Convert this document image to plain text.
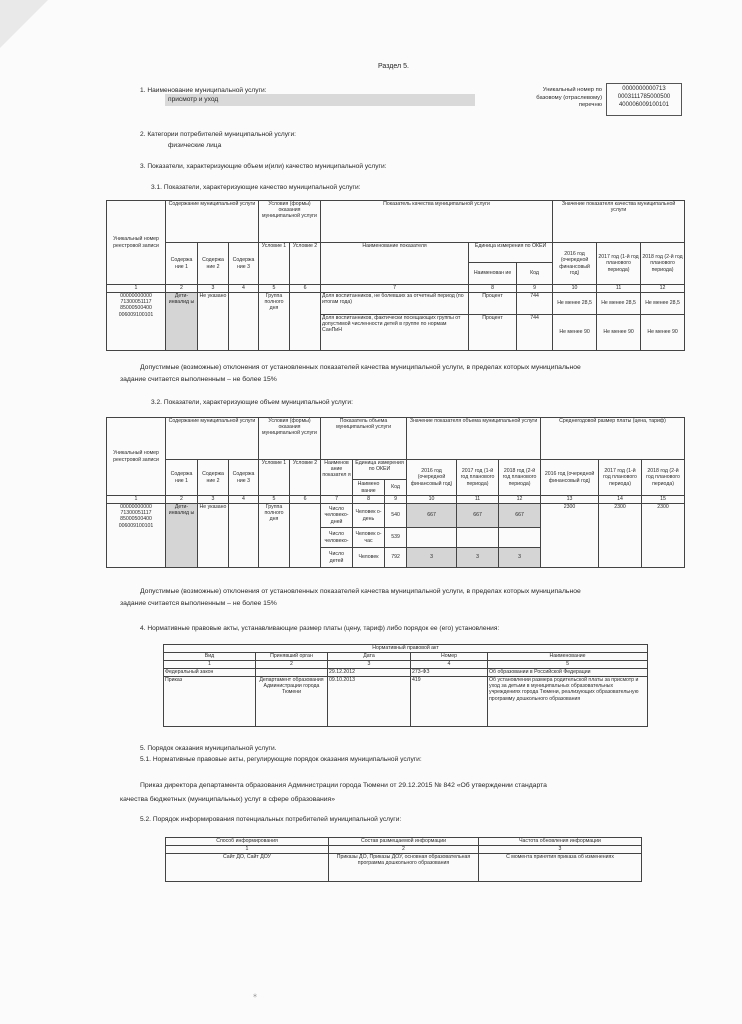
Раздел 5.
1. Наименование муниципальной услуги:
присмотр и уход
Уникальный номер по
базовому (отраслевому)
перечню
0000000000713
0003111785000500
400006009100101
2. Категории потребителей муниципальной услуги:
физические лица
3. Показатели, характеризующие объем и(или) качество муниципальной услуги:
3.1. Показатели, характеризующие качество муниципальной услуги:
Уникальный номер реестровой записи	Содержание муниципальной услуги			Условия (формы) оказания муниципальной услуги		Показатель качества муниципальной услуги			Значение показателя качества муниципальной услуги		
	Содержа ние 1	Содержа ние 2	Содержа ние 3	Условие 1	Условие 2	Наименование показателя	Единица измерения по ОКЕИ		2016 год (очередной финансовый год)	2017 год (1-й год планового периода)	2018 год (2-й год планового периода)
							Наименован ие	Код			
1	2	3	4	5	6	7	8	9	10	11	12
00000000000 71300051117 85000500400 006009100101	Дети-инвалид ы	Не указано		Группа полного дня		Доля воспитанников, не болевших за отчетный период (по итогам года)	Процент	744	Не менее 28,5	Не менее 28,5	Не менее 28,5
						Доля воспитанников, фактически посещающих группы от допустимой численности детей в группе по нормам СанПиН	Процент	744	Не менее 90	Не менее 90	Не менее 90
Допустимые (возможные) отклонения от установленных показателей качества муниципальной услуги, в пределах которых муниципальное
задание считается выполненным – не более 15%
3.2. Показатели, характеризующие объем муниципальной услуги:
Уникальный номер реестровой записи	Содержание муниципальной услуги			Условия (формы) оказания муниципальной услуги		Показатель объема муниципальной услуги			Значение показателя объема муниципальной услуги			Среднегодовой размер платы (цена, тариф)		
	Содержа ние 1	Содержа ние 2	Содержа ние 3	Условие 1	Условие 2	Наименов ание показател я	Единица измерения по ОКЕИ		2016 год (очередной финансовый год)	2017 год (1-й год планового периода)	2018 год (2-й год планового периода)	2016 год (очередной финансовый год)	2017 год (1-й год планового периода)	2018 год (2-й год планового периода)
							Наимено вание	Код						
1	2	3	4	5	6	7	8	9	10	11	12	13	14	15
00000000000 71300051117 85000500400 006009100101	Дети-инвалид ы	Не указано		Группа полного дня		Число человеко-дней	Человек о-день	540	667	667	667	2300	2300	2300
						Число человеко-	Человек о-час	539						
						Число детей	Человек	792	3	3	3			
Допустимые (возможные) отклонения от установленных показателей качества муниципальной услуги, в пределах которых муниципальное
задание считается выполненным – не более 15%
4. Нормативные правовые акты, устанавливающие размер платы (цену, тариф) либо порядок ее (его) установления:
Нормативный правовой акт				
Вид	Принявший орган	Дата	Номер	Наименование
1	2	3	4	5
Федеральный закон		29.12.2012	273-ФЗ	Об образовании в Российской Федерации
Приказ	Департамент образования Администрации города Тюмени	09.10.2013	419	Об установлении размера родительской платы за присмотр и уход за детьми в муниципальных образовательных учреждениях города Тюмени, реализующих образовательную программу дошкольного образования
5. Порядок оказания муниципальной услуги.
5.1. Нормативные правовые акты, регулирующие порядок оказания муниципальной услуги:
Приказ директора департамента образования Администрации города Тюмени от 29.12.2015 № 842 «Об утверждении стандарта
качества бюджетных (муниципальных) услуг в сфере образования»
5.2. Порядок информирования потенциальных потребителей муниципальной услуги:
Способ информирования	Состав размещаемой информации	Частота обновления информации
1	2	3
Сайт ДО, Сайт ДОУ	Приказы ДО, Приказы ДОУ, основная образовательная программа дошкольного образования	С момента принятия приказа об изменениях
⁎
